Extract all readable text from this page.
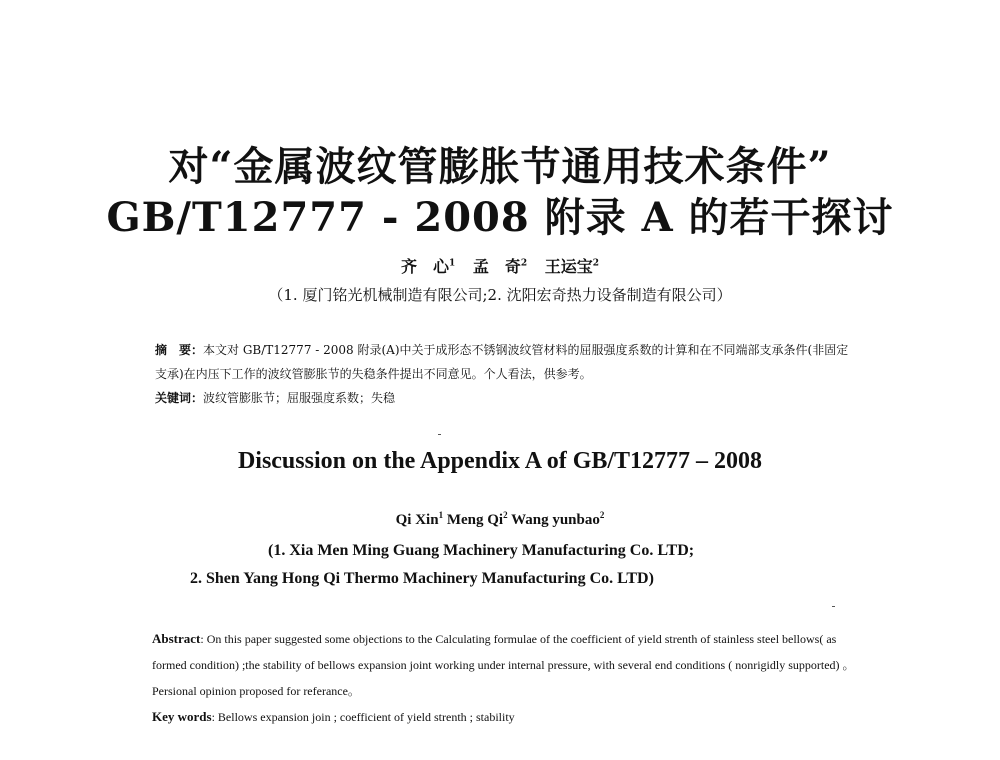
对“金属波纹管膨胀节通用技术条件”
GB/T12777 - 2008 附录 A 的若干探讨
齐　心$^1$ 孟　奇$^2$ 王运宝$^2$
（1. 厦门铭光机械制造有限公司;2. 沈阳宏奇热力设备制造有限公司）
摘　要：本文对 GB/T12777 - 2008 附录(A)中关于成形态不锈钢波纹管材料的屈服强度系数的计算和在不同端部支承条件(非固定支承)在内压下工作的波纹管膨胀节的失稳条件提出不同意见。个人看法，供参考。
关键词：波纹管膨胀节；屈服强度系数；失稳
Discussion on the Appendix A of GB/T12777 – 2008
Qi Xin$^1$ Meng Qi$^2$ Wang yunbao$^2$
(1. Xia Men Ming Guang Machinery Manufacturing Co. LTD;
2. Shen Yang Hong Qi Thermo Machinery Manufacturing Co. LTD)
Abstract: On this paper suggested some objections to the Calculating formulae of the coefficient of yield strenth of stainless steel bellows( as formed condition) ;the stability of bellows expansion joint working under internal pressure, with several end conditions ( nonrigidly supported) 。Persional opinion proposed for referance。
Key words: Bellows expansion join ; coefficient of yield strenth ; stability
